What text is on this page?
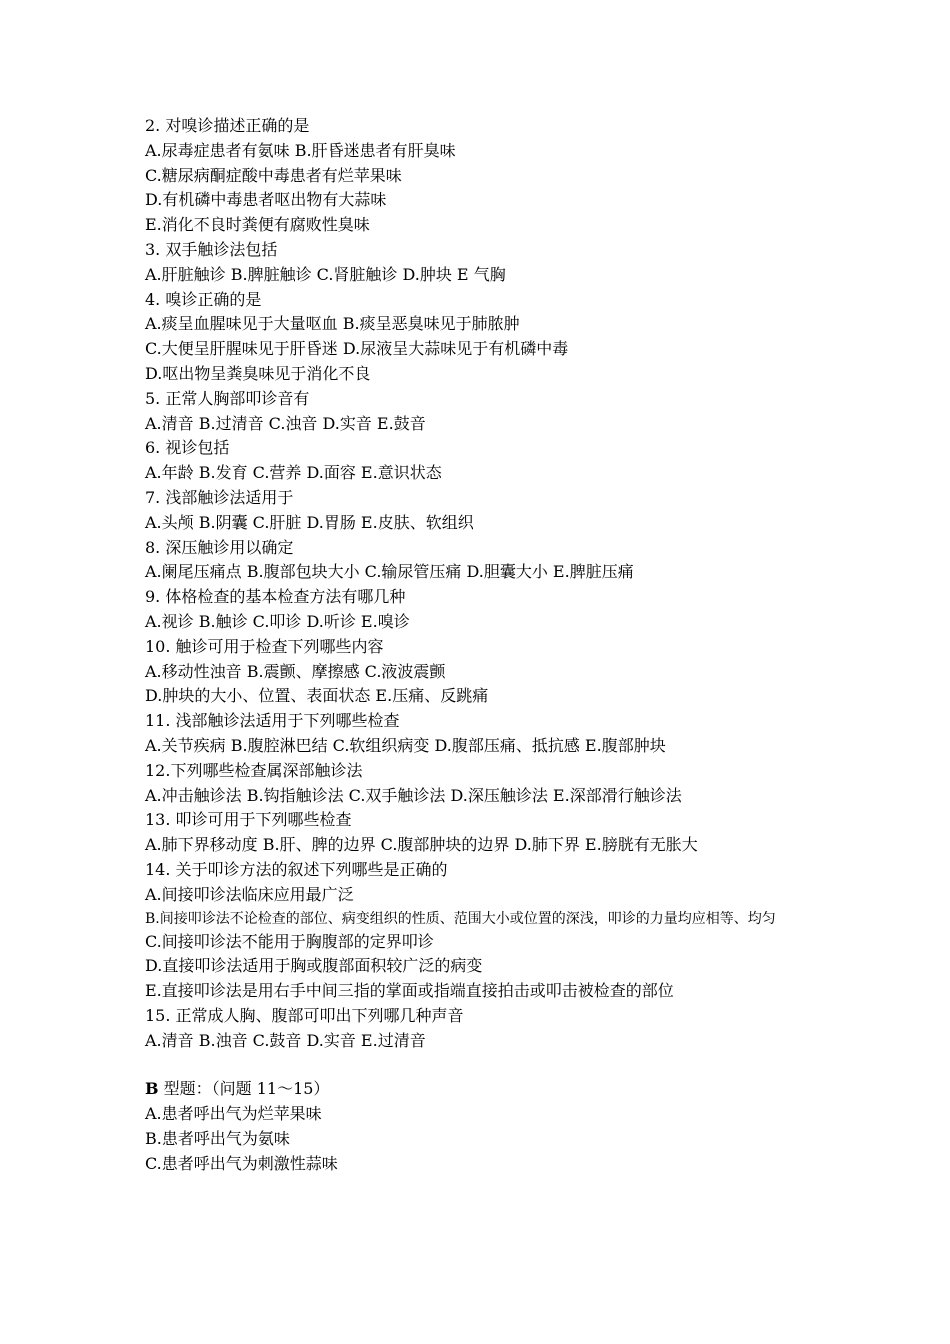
2. 对嗅诊描述正确的是
A.尿毒症患者有氨味 B.肝昏迷患者有肝臭味
C.糖尿病酮症酸中毒患者有烂苹果味
D.有机磷中毒患者呕出物有大蒜味
E.消化不良时粪便有腐败性臭味
3. 双手触诊法包括
A.肝脏触诊 B.脾脏触诊 C.肾脏触诊 D.肿块 E 气胸
4. 嗅诊正确的是
A.痰呈血腥味见于大量呕血 B.痰呈恶臭味见于肺脓肿
C.大便呈肝腥味见于肝昏迷 D.尿液呈大蒜味见于有机磷中毒
D.呕出物呈粪臭味见于消化不良
5. 正常人胸部叩诊音有
A.清音 B.过清音 C.浊音 D.实音 E.鼓音
6. 视诊包括
A.年龄 B.发育 C.营养 D.面容 E.意识状态
7. 浅部触诊法适用于
A.头颅 B.阴囊 C.肝脏 D.胃肠 E.皮肤、软组织
8. 深压触诊用以确定
A.阑尾压痛点 B.腹部包块大小 C.输尿管压痛 D.胆囊大小 E.脾脏压痛
9. 体格检查的基本检查方法有哪几种
A.视诊 B.触诊 C.叩诊 D.听诊 E.嗅诊
10. 触诊可用于检查下列哪些内容
A.移动性浊音 B.震颤、摩擦感 C.液波震颤
D.肿块的大小、位置、表面状态 E.压痛、反跳痛
11. 浅部触诊法适用于下列哪些检查
A.关节疾病 B.腹腔淋巴结 C.软组织病变 D.腹部压痛、抵抗感 E.腹部肿块
12.下列哪些检查属深部触诊法
A.冲击触诊法 B.钩指触诊法 C.双手触诊法 D.深压触诊法 E.深部滑行触诊法
13. 叩诊可用于下列哪些检查
A.肺下界移动度 B.肝、脾的边界 C.腹部肿块的边界 D.肺下界 E.膀胱有无胀大
14. 关于叩诊方法的叙述下列哪些是正确的
A.间接叩诊法临床应用最广泛
B.间接叩诊法不论检查的部位、病变组织的性质、范围大小或位置的深浅，叩诊的力量均应相等、均匀
C.间接叩诊法不能用于胸腹部的定界叩诊
D.直接叩诊法适用于胸或腹部面积较广泛的病变
E.直接叩诊法是用右手中间三指的掌面或指端直接拍击或叩击被检查的部位
15. 正常成人胸、腹部可叩出下列哪几种声音
A.清音 B.浊音 C.鼓音 D.实音 E.过清音
B 型题：（问题 11～15）
A.患者呼出气为烂苹果味
B.患者呼出气为氨味
C.患者呼出气为刺激性蒜味
